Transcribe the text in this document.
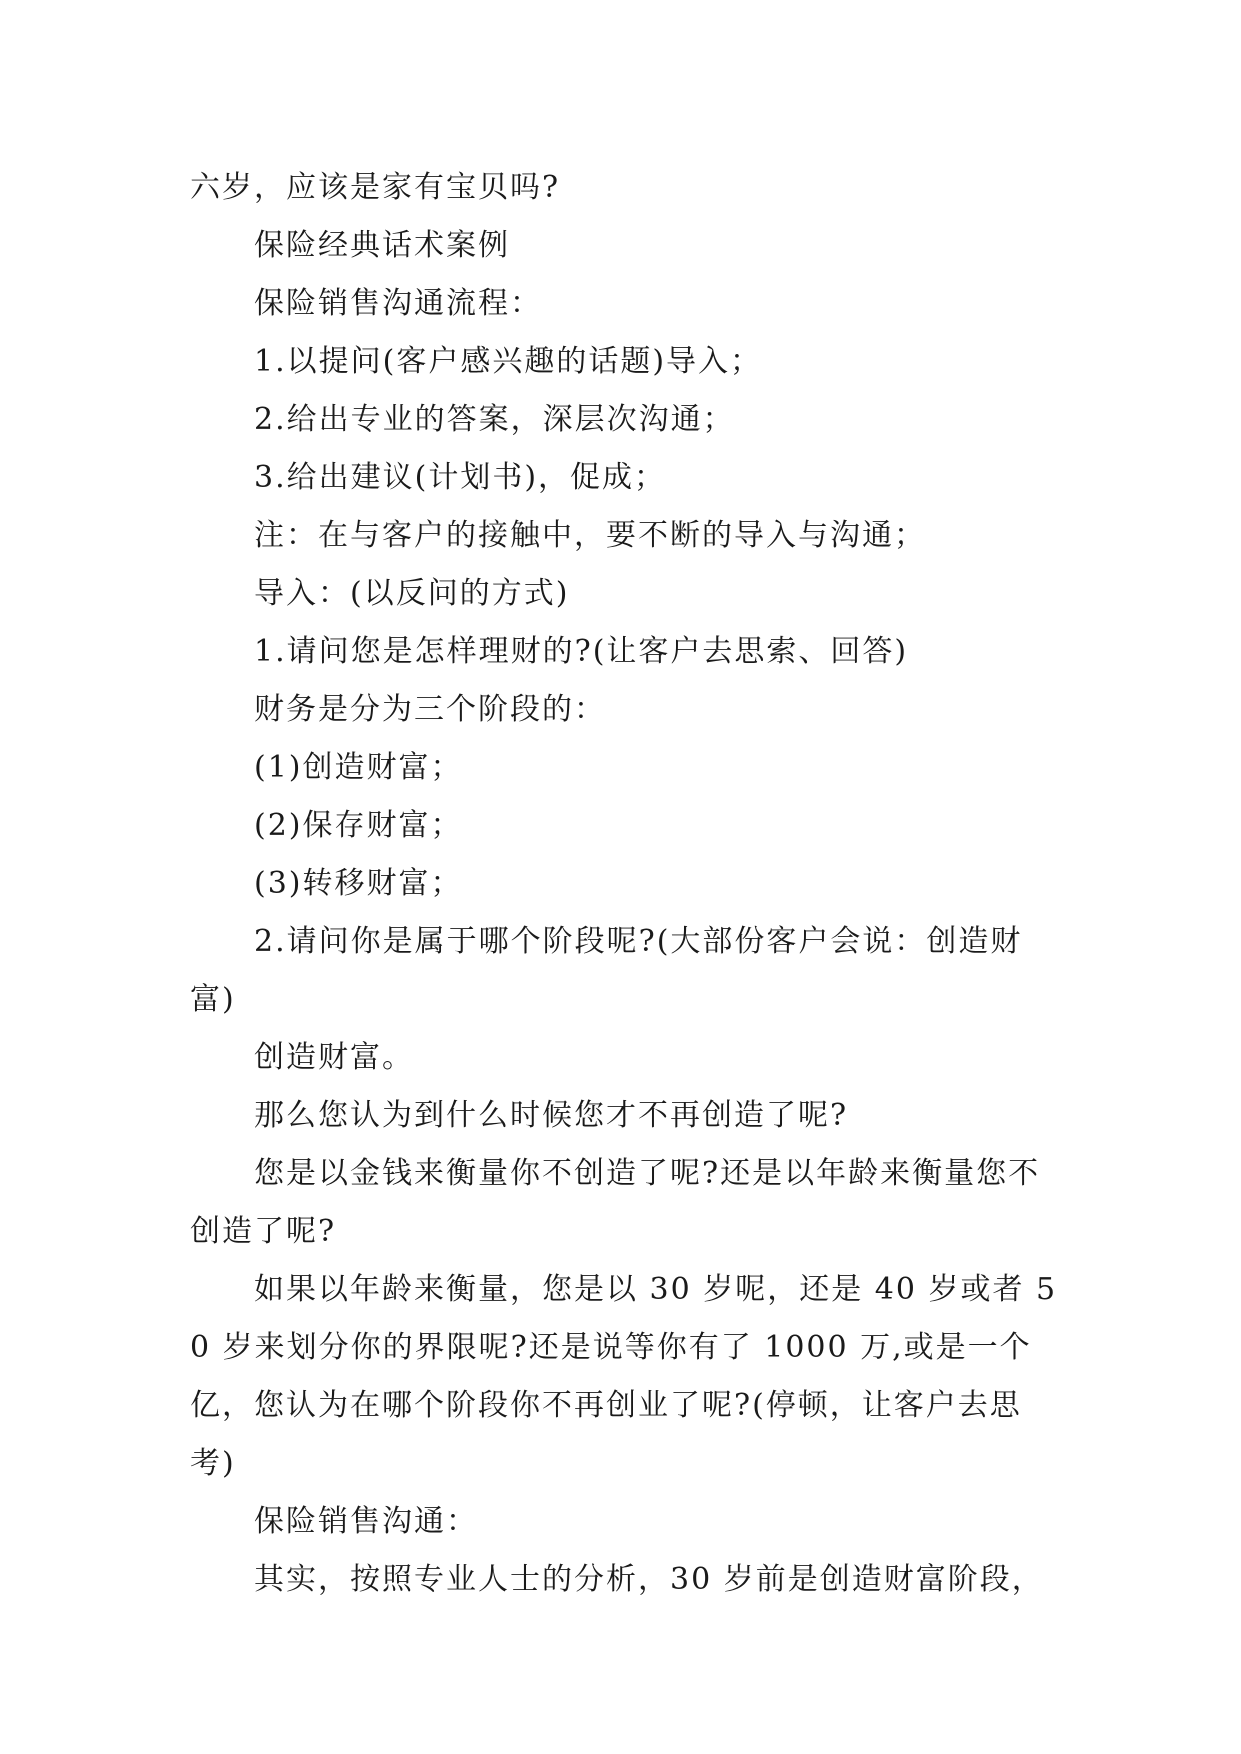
六岁，应该是家有宝贝吗?

保险经典话术案例

保险销售沟通流程：

1.以提问(客户感兴趣的话题)导入；

2.给出专业的答案，深层次沟通；

3.给出建议(计划书)，促成；

注：在与客户的接触中，要不断的导入与沟通；

导入：(以反问的方式)

1.请问您是怎样理财的?(让客户去思索、回答)

财务是分为三个阶段的：

(1)创造财富；

(2)保存财富；

(3)转移财富；

2.请问你是属于哪个阶段呢?(大部份客户会说：创造财富)

创造财富。

那么您认为到什么时候您才不再创造了呢?

您是以金钱来衡量你不创造了呢?还是以年龄来衡量您不创造了呢?

如果以年龄来衡量，您是以 30 岁呢，还是 40 岁或者 50 岁来划分你的界限呢?还是说等你有了 1000 万,或是一个亿，您认为在哪个阶段你不再创业了呢?(停顿，让客户去思考)

保险销售沟通：

其实，按照专业人士的分析，30 岁前是创造财富阶段，
